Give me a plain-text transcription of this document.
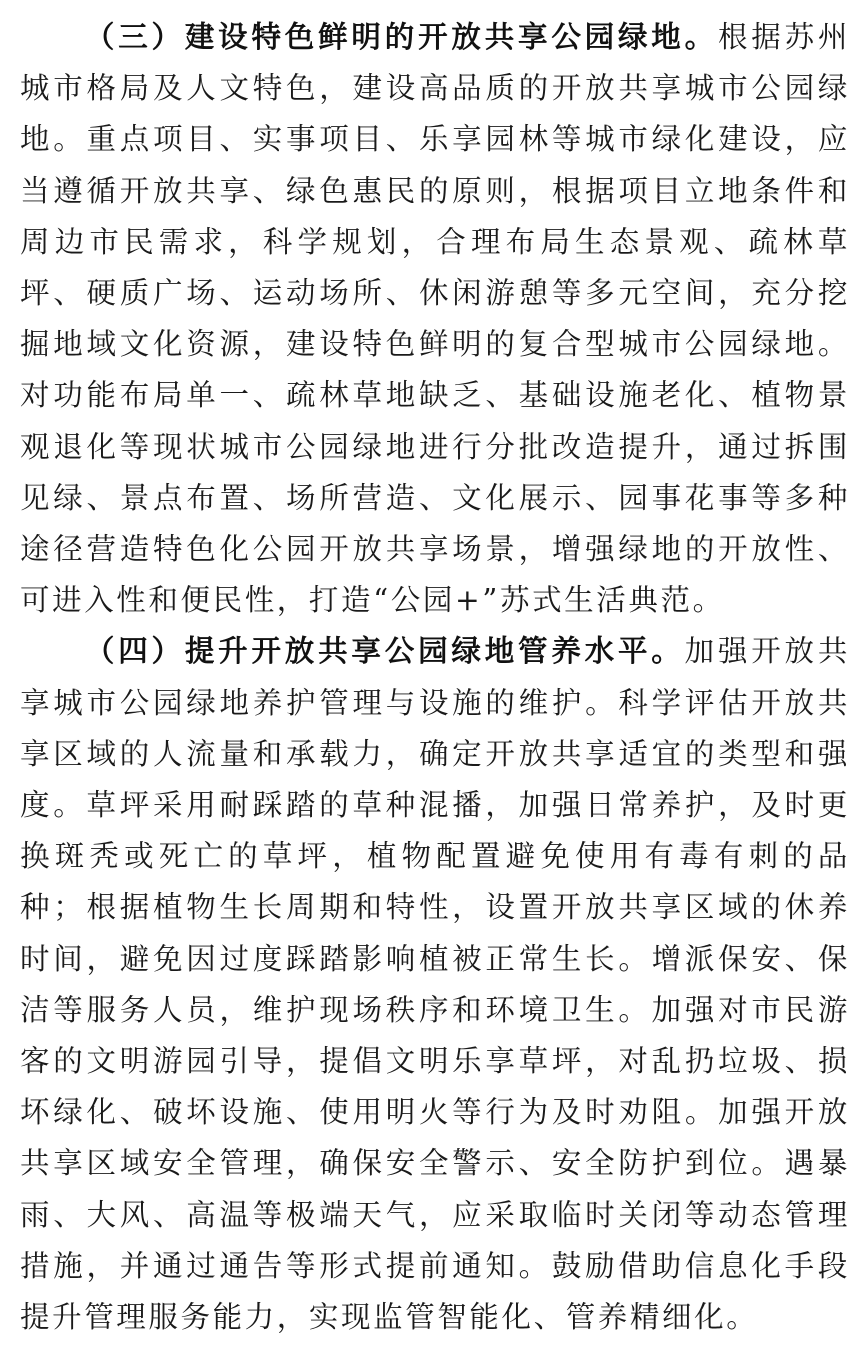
（三）建设特色鲜明的开放共享公园绿地。根据苏州城市格局及人文特色，建设高品质的开放共享城市公园绿地。重点项目、实事项目、乐享园林等城市绿化建设，应当遵循开放共享、绿色惠民的原则，根据项目立地条件和周边市民需求，科学规划，合理布局生态景观、疏林草坪、硬质广场、运动场所、休闲游憩等多元空间，充分挖掘地域文化资源，建设特色鲜明的复合型城市公园绿地。对功能布局单一、疏林草地缺乏、基础设施老化、植物景观退化等现状城市公园绿地进行分批改造提升，通过拆围见绿、景点布置、场所营造、文化展示、园事花事等多种途径营造特色化公园开放共享场景，增强绿地的开放性、可进入性和便民性，打造“公园+”苏式生活典范。

（四）提升开放共享公园绿地管养水平。加强开放共享城市公园绿地养护管理与设施的维护。科学评估开放共享区域的人流量和承载力，确定开放共享适宜的类型和强度。草坪采用耐踩踏的草种混播，加强日常养护，及时更换斑秃或死亡的草坪，植物配置避免使用有毒有刺的品种；根据植物生长周期和特性，设置开放共享区域的休养时间，避免因过度踩踏影响植被正常生长。增派保安、保洁等服务人员，维护现场秩序和环境卫生。加强对市民游客的文明游园引导，提倡文明乐享草坪，对乱扔垃圾、损坏绿化、破坏设施、使用明火等行为及时劝阻。加强开放共享区域安全管理，确保安全警示、安全防护到位。遇暴雨、大风、高温等极端天气，应采取临时关闭等动态管理措施，并通过通告等形式提前通知。鼓励借助信息化手段提升管理服务能力，实现监管智能化、管养精细化。
